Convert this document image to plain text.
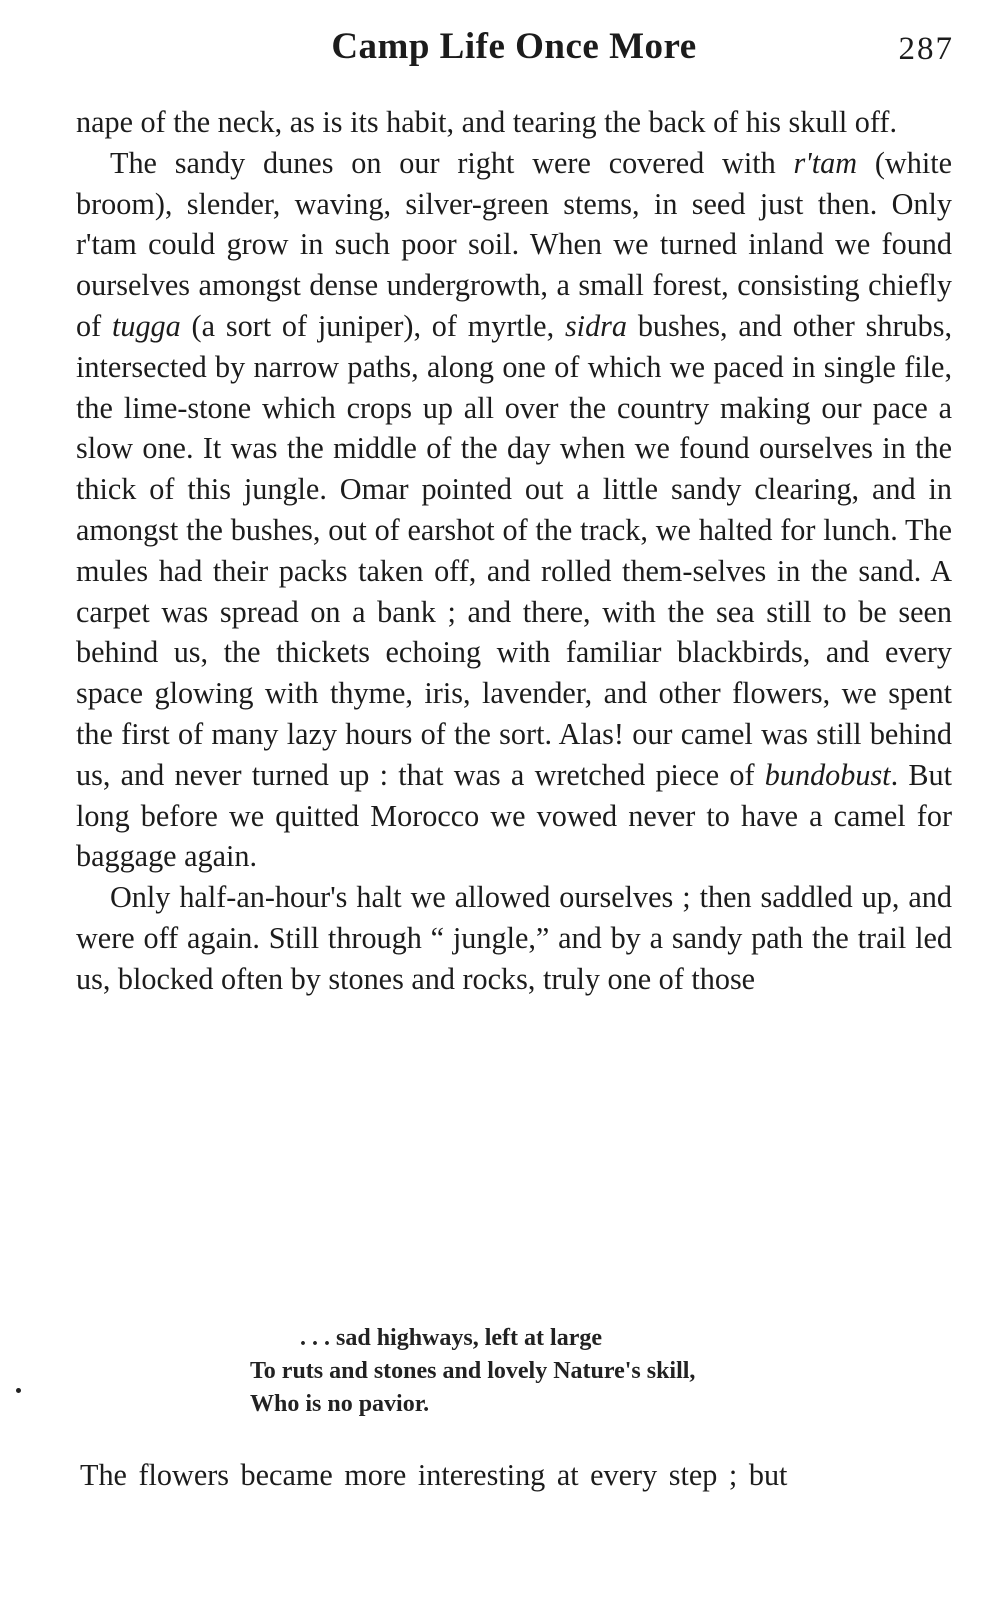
Camp Life Once More	287

nape of the neck, as is its habit, and tearing the back of his skull off.

The sandy dunes on our right were covered with r'tam (white broom), slender, waving, silver-green stems, in seed just then. Only r'tam could grow in such poor soil. When we turned inland we found ourselves amongst dense undergrowth, a small forest, consisting chiefly of tugga (a sort of juniper), of myrtle, sidra bushes, and other shrubs, intersected by narrow paths, along one of which we paced in single file, the lime-stone which crops up all over the country making our pace a slow one. It was the middle of the day when we found ourselves in the thick of this jungle. Omar pointed out a little sandy clearing, and in amongst the bushes, out of earshot of the track, we halted for lunch. The mules had their packs taken off, and rolled them-selves in the sand. A carpet was spread on a bank ; and there, with the sea still to be seen behind us, the thickets echoing with familiar blackbirds, and every space glowing with thyme, iris, lavender, and other flowers, we spent the first of many lazy hours of the sort. Alas! our camel was still behind us, and never turned up : that was a wretched piece of bundobust. But long before we quitted Morocco we vowed never to have a camel for baggage again.

Only half-an-hour's halt we allowed ourselves ; then saddled up, and were off again. Still through “ jungle,” and by a sandy path the trail led us, blocked often by stones and rocks, truly one of those

. . . sad highways, left at large
To ruts and stones and lovely Nature's skill,
Who is no pavior.
The flowers became more interesting at every step ; but
